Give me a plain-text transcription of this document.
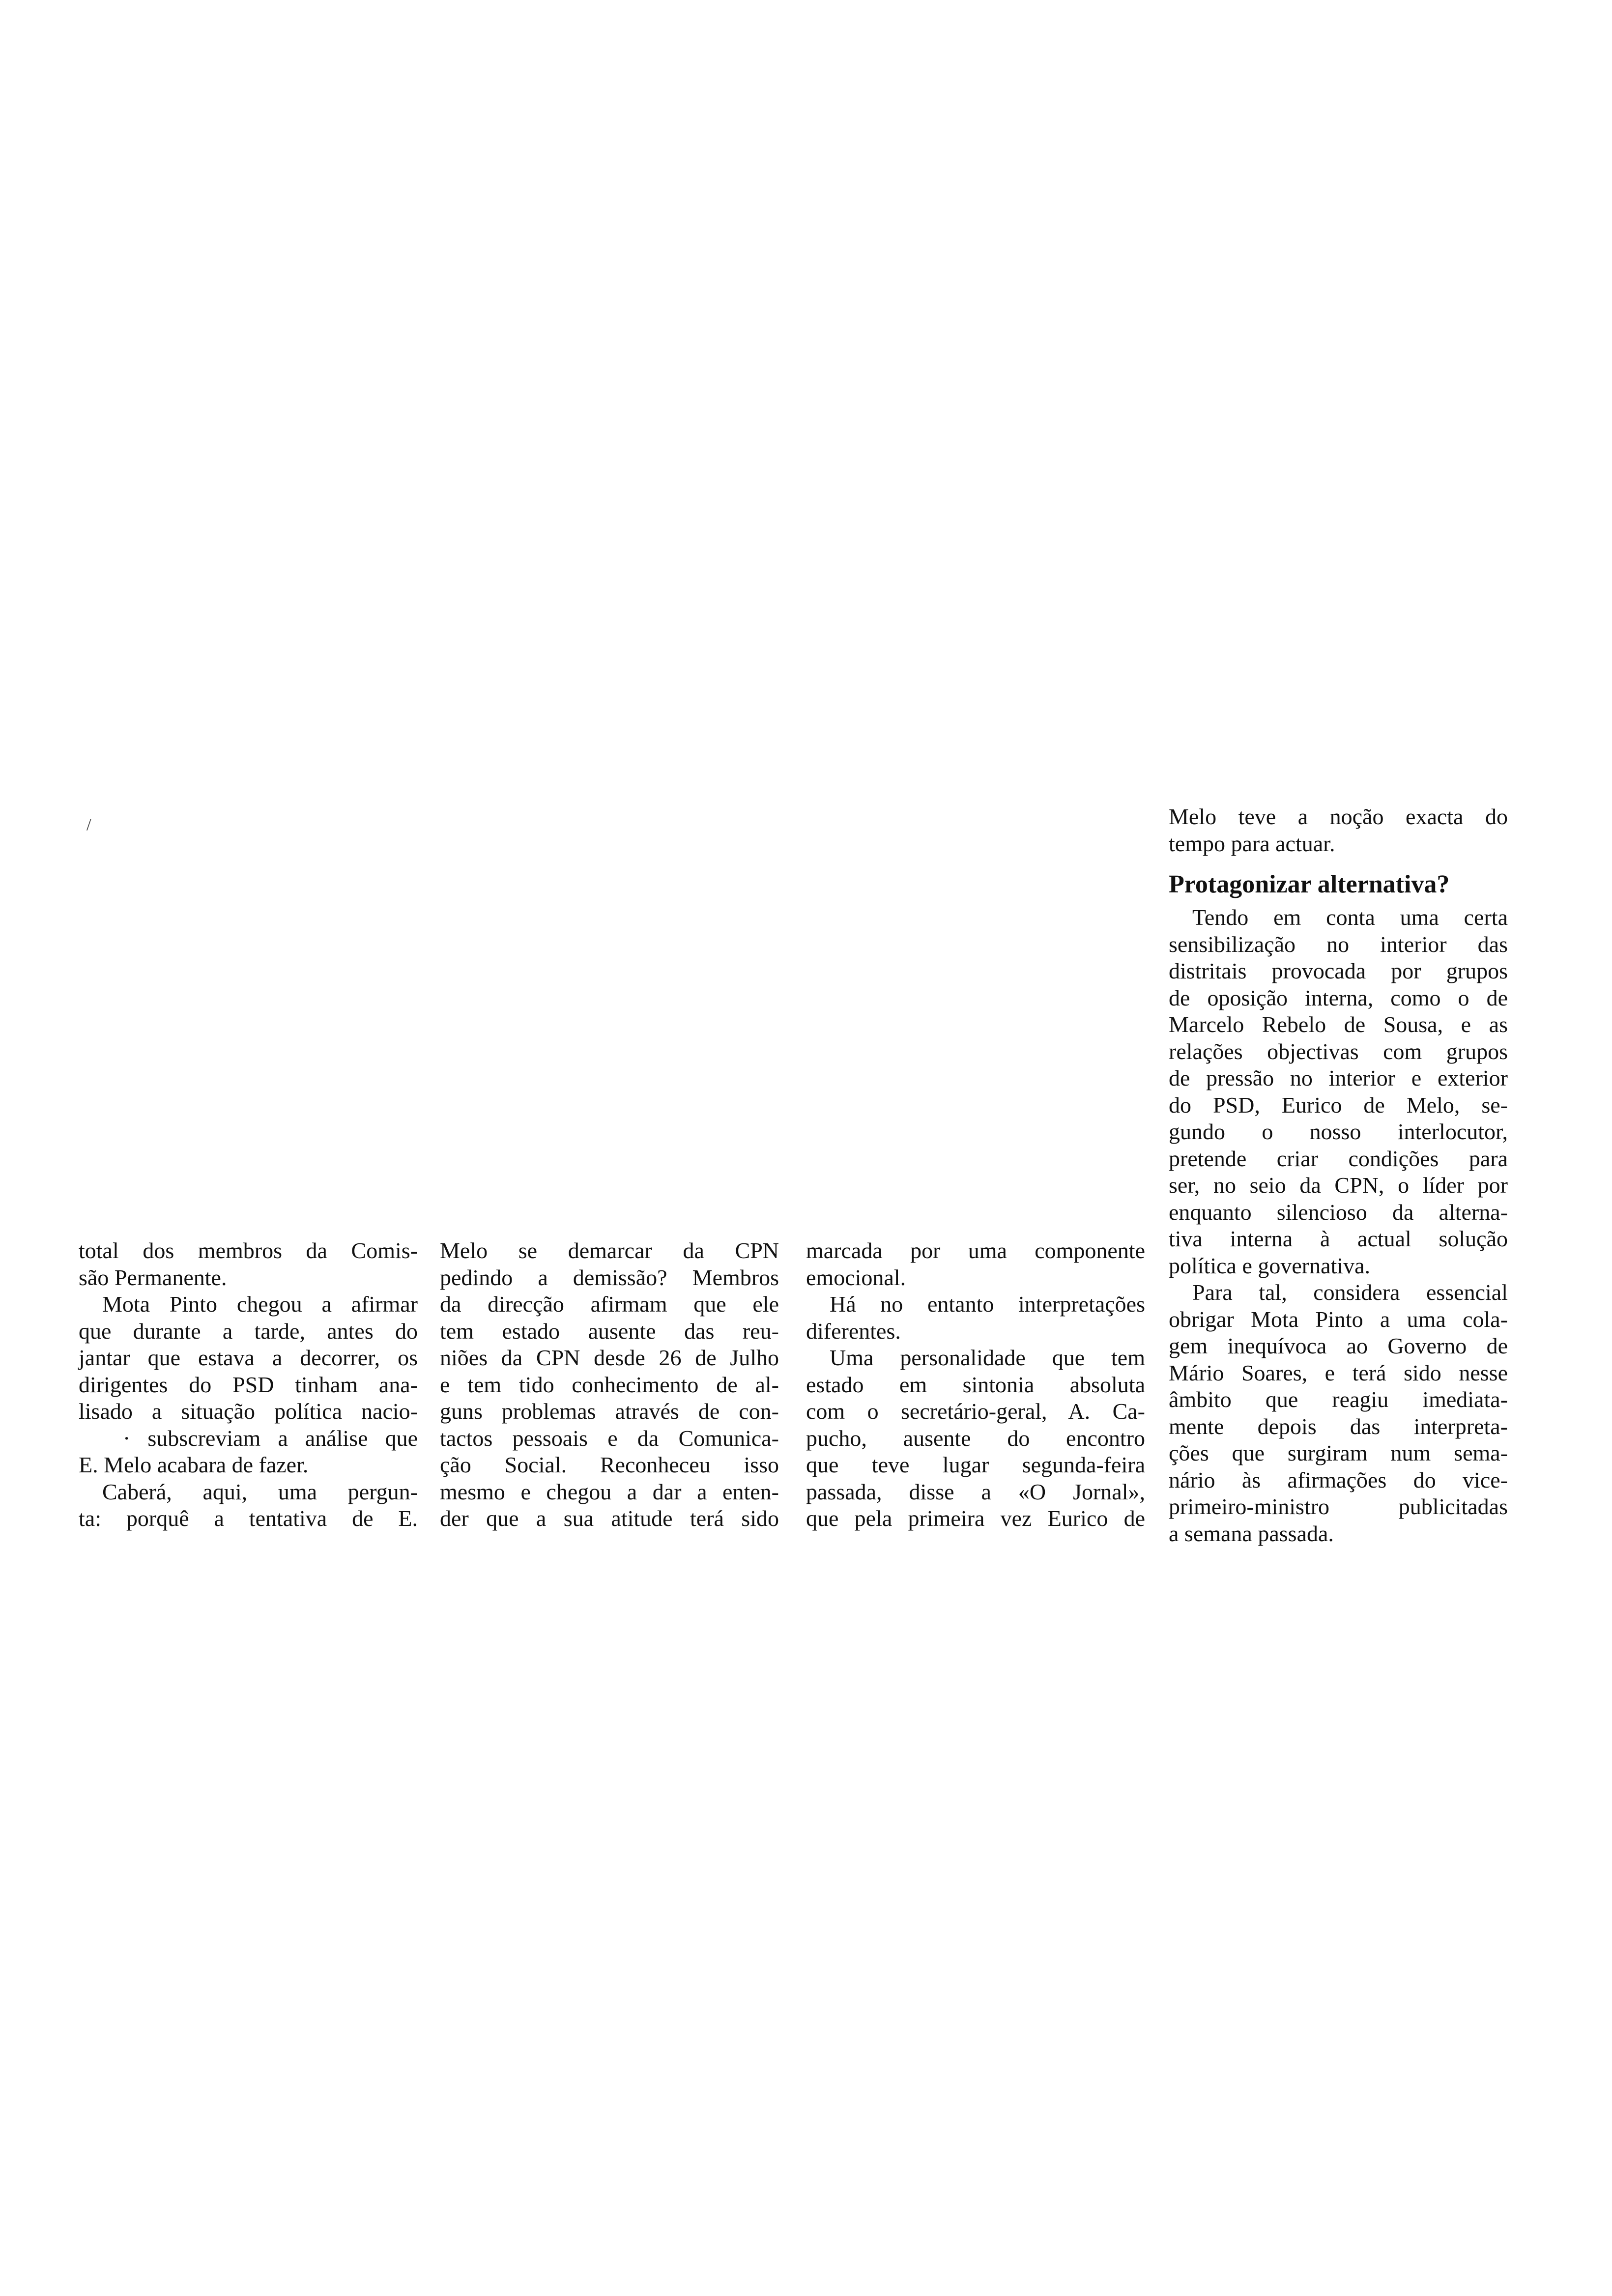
/

total dos membros da Comis-
são Permanente.

Mota Pinto chegou a afirmar
que durante a tarde, antes do
jantar que estava a decorrer, os
dirigentes do PSD tinham ana-
lisado a situação política nacio-
· subscreviam a análise que
E. Melo acabara de fazer.

Caberá, aqui, uma pergun-
ta: porquê a tentativa de E.

Melo se demarcar da CPN
pedindo a demissão? Membros
da direcção afirmam que ele
tem estado ausente das reu-
niões da CPN desde 26 de Julho
e tem tido conhecimento de al-
guns problemas através de con-
tactos pessoais e da Comunica-
ção Social. Reconheceu isso
mesmo e chegou a dar a enten-
der que a sua atitude terá sido

marcada por uma componente
emocional.

Há no entanto interpretações
diferentes.

Uma personalidade que tem
estado em sintonia absoluta
com o secretário-geral, A. Ca-
pucho, ausente do encontro
que teve lugar segunda-feira
passada, disse a «O Jornal»,
que pela primeira vez Eurico de

Melo teve a noção exacta do
tempo para actuar.

Protagonizar alternativa?

Tendo em conta uma certa
sensibilização no interior das
distritais provocada por grupos
de oposição interna, como o de
Marcelo Rebelo de Sousa, e as
relações objectivas com grupos
de pressão no interior e exterior
do PSD, Eurico de Melo, se-
gundo o nosso interlocutor,
pretende criar condições para
ser, no seio da CPN, o líder por
enquanto silencioso da alterna-
tiva interna à actual solução
política e governativa.

Para tal, considera essencial
obrigar Mota Pinto a uma cola-
gem inequívoca ao Governo de
Mário Soares, e terá sido nesse
âmbito que reagiu imediata-
mente depois das interpreta-
ções que surgiram num sema-
nário às afirmações do vice-
primeiro-ministro publicitadas
a semana passada.
